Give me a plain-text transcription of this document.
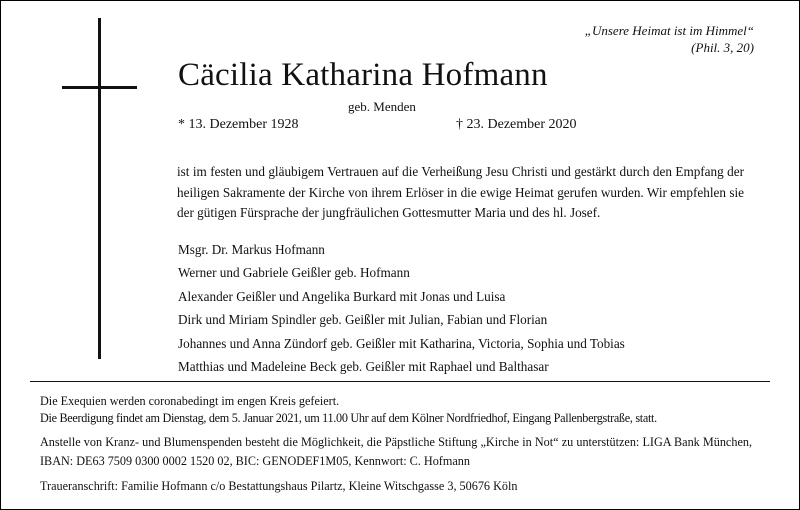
„Unsere Heimat ist im Himmel“
(Phil. 3, 20)
Cäcilia Katharina Hofmann
geb. Menden
* 13. Dezember 1928	† 23. Dezember 2020
ist im festen und gläubigem Vertrauen auf die Verheißung Jesu Christi und gestärkt durch den Empfang der heiligen Sakramente der Kirche von ihrem Erlöser in die ewige Heimat gerufen wurden. Wir empfehlen sie der gütigen Fürsprache der jungfräulichen Gottesmutter Maria und des hl. Josef.
Msgr. Dr. Markus Hofmann
Werner und Gabriele Geißler geb. Hofmann
Alexander Geißler und Angelika Burkard mit Jonas und Luisa
Dirk und Miriam Spindler geb. Geißler mit Julian, Fabian und Florian
Johannes und Anna Zündorf geb. Geißler mit Katharina, Victoria, Sophia und Tobias
Matthias und Madeleine Beck geb. Geißler mit Raphael und Balthasar

Die Exequien werden coronabedingt im engen Kreis gefeiert.

Die Beerdigung findet am Dienstag, dem 5. Januar 2021, um 11.00 Uhr auf dem Kölner Nordfriedhof, Eingang Pallenbergstraße, statt.

Anstelle von Kranz- und Blumenspenden besteht die Möglichkeit, die Päpstliche Stiftung „Kirche in Not“ zu unterstützen: LIGA Bank München, IBAN: DE63 7509 0300 0002 1520 02, BIC: GENODEF1M05, Kennwort: C. Hofmann

Traueranschrift: Familie Hofmann c/o Bestattungshaus Pilartz, Kleine Witschgasse 3, 50676 Köln
